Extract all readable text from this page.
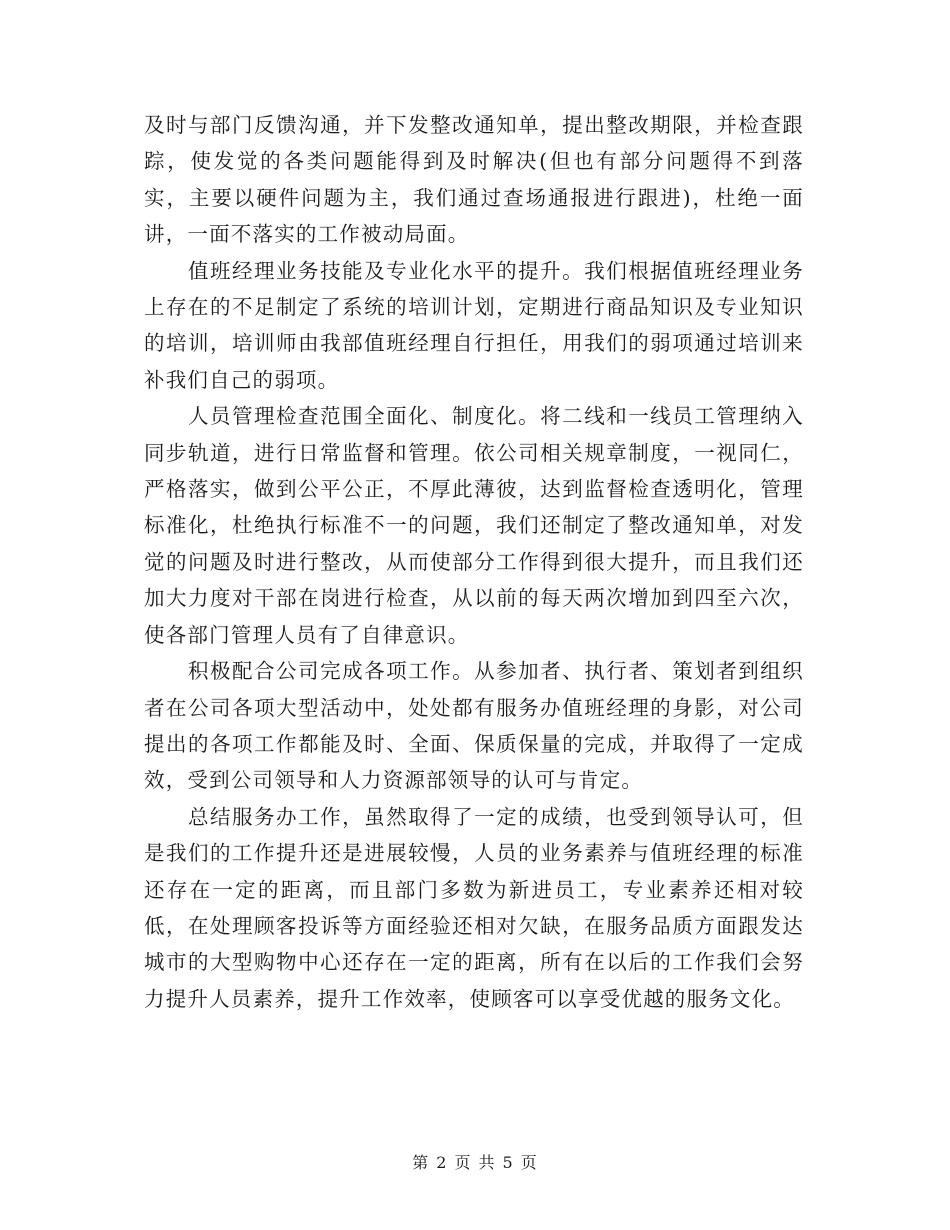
及时与部门反馈沟通，并下发整改通知单，提出整改期限，并检查跟踪，使发觉的各类问题能得到及时解决(但也有部分问题得不到落实，主要以硬件问题为主，我们通过查场通报进行跟进)，杜绝一面讲，一面不落实的工作被动局面。

值班经理业务技能及专业化水平的提升。我们根据值班经理业务上存在的不足制定了系统的培训计划，定期进行商品知识及专业知识的培训，培训师由我部值班经理自行担任，用我们的弱项通过培训来补我们自己的弱项。

人员管理检查范围全面化、制度化。将二线和一线员工管理纳入同步轨道，进行日常监督和管理。依公司相关规章制度，一视同仁，严格落实，做到公平公正，不厚此薄彼，达到监督检查透明化，管理标准化，杜绝执行标准不一的问题，我们还制定了整改通知单，对发觉的问题及时进行整改，从而使部分工作得到很大提升，而且我们还加大力度对干部在岗进行检查，从以前的每天两次增加到四至六次，使各部门管理人员有了自律意识。

积极配合公司完成各项工作。从参加者、执行者、策划者到组织者在公司各项大型活动中，处处都有服务办值班经理的身影，对公司提出的各项工作都能及时、全面、保质保量的完成，并取得了一定成效，受到公司领导和人力资源部领导的认可与肯定。

总结服务办工作，虽然取得了一定的成绩，也受到领导认可，但是我们的工作提升还是进展较慢，人员的业务素养与值班经理的标准还存在一定的距离，而且部门多数为新进员工，专业素养还相对较低，在处理顾客投诉等方面经验还相对欠缺，在服务品质方面跟发达城市的大型购物中心还存在一定的距离，所有在以后的工作我们会努力提升人员素养，提升工作效率，使顾客可以享受优越的服务文化。

第 2 页 共 5 页
